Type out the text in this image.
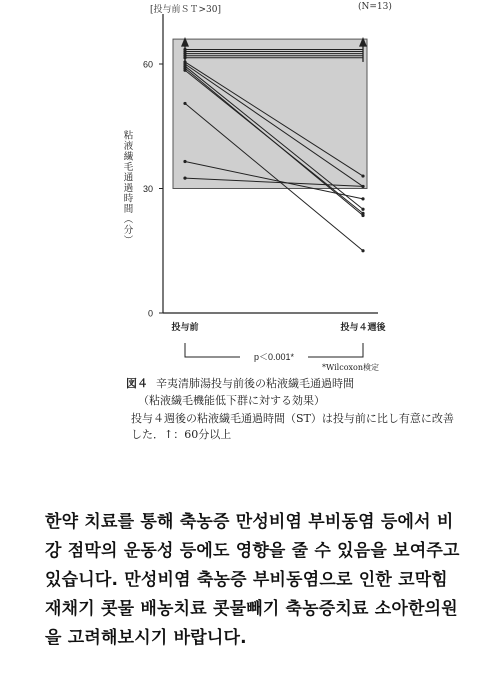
[投与前ＳＴ>30]	(N=13)
0
30
60
投与前	投与４週後
粘液繊毛通過時間（分）
p＜0.001*
*Wilcoxon検定
図４ 辛夷清肺湯投与前後の粘液繊毛通過時間
（粘液繊毛機能低下群に対する効果）
投与４週後の粘液繊毛通過時間（ST）は投与前に比し有意に改善した．↑：60分以上
한약 치료를 통해 축농증 만성비염 부비동염 등에서 비강 점막의 운동성 등에도 영향을 줄 수 있음을 보여주고 있습니다. 만성비염 축농증 부비동염으로 인한 코막힘 재채기 콧물 배농치료 콧물빼기 축농증치료 소아한의원을 고려해보시기 바랍니다.
